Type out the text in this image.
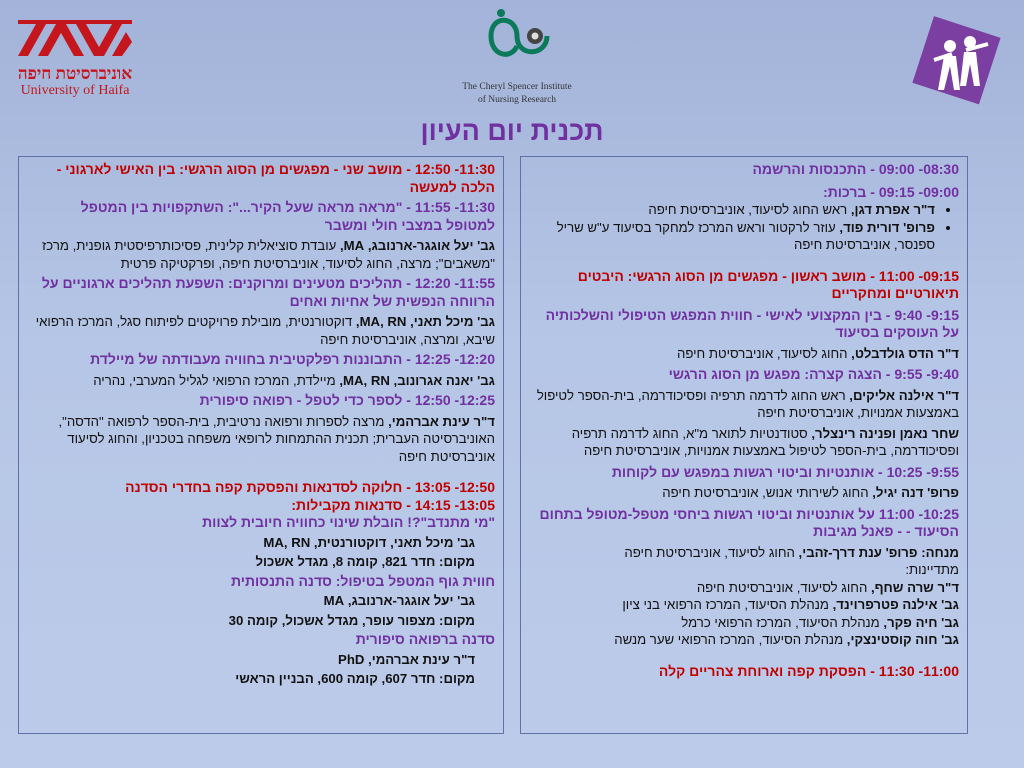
אוניברסיטת חיפה
University of Haifa	The Cheryl Spencer Institute
of Nursing Research
תכנית יום העיון
08:30- 09:00 - התכנסות והרשמה
09:00- 09:15 - ברכות:
• ד"ר אפרת דגן, ראש החוג לסיעוד, אוניברסיטת חיפה
• פרופ' דורית פוד, עוזר לרקטור וראש המרכז למחקר בסיעוד ע"ש שריל ספנסר, אוניברסיטת חיפה
09:15- 11:00 - מושב ראשון - מפגשים מן הסוג הרגשי: היבטים תיאורטיים ומחקריים
9:15- 9:40 - בין המקצועי לאישי - חווית המפגש הטיפולי והשלכותיה על העוסקים בסיעוד
ד"ר הדס גולדבלט, החוג לסיעוד, אוניברסיטת חיפה
9:40- 9:55 - הצגה קצרה: מפגש מן הסוג הרגשי
ד"ר אילנה אליקים, ראש החוג לדרמה תרפיה ופסיכודרמה, בית-הספר לטיפול באמצעות אמנויות, אוניברסיטת חיפה
שחר נאמן ופנינה רינצלר, סטודנטיות לתואר מ"א, החוג לדרמה תרפיה ופסיכודרמה, בית-הספר לטיפול באמצעות אמנויות, אוניברסיטת חיפה
9:55- 10:25 - אותנטיות וביטוי רגשות במפגש עם לקוחות
פרופ' דנה יגיל, החוג לשירותי אנוש, אוניברסיטת חיפה
10:25- 11:00 על אותנטיות וביטוי רגשות ביחסי מטפל-מטופל בתחום הסיעוד - - פאנל מגיבות
מנחה: פרופ' ענת דרך-זהבי, החוג לסיעוד, אוניברסיטת חיפה
מתדיינות:
ד"ר שרה שחף, החוג לסיעוד, אוניברסיטת חיפה
גב' אילנה פטרפרוינד, מנהלת הסיעוד, המרכז הרפואי בני ציון
גב' חיה פקר, מנהלת הסיעוד, המרכז הרפואי כרמל
גב' חוה קוסטינצקי, מנהלת הסיעוד, המרכז הרפואי שער מנשה
11:00- 11:30 - הפסקת קפה וארוחת צהריים קלה
11:30- 12:50 - מושב שני - מפגשים מן הסוג הרגשי: בין האישי לארגוני - הלכה למעשה
11:30- 11:55 - "מראה מראה שעל הקיר...": השתקפויות בין המטפל למטופל במצבי חולי ומשבר
גב' יעל אוגגר-ארנובג, MA, עובדת סוציאלית קלינית, פסיכותרפיסטית גופנית, מרכז "משאבים"; מרצה, החוג לסיעוד, אוניברסיטת חיפה, ופרקטיקה פרטית
11:55- 12:20 - תהליכים מטעינים ומרוקנים: השפעת תהליכים ארגוניים על הרווחה הנפשית של אחיות ואחים
גב' מיכל תאני, MA, RN, דוקטורנטית, מובילת פרויקטים לפיתוח סגל, המרכז הרפואי שיבא, ומרצה, אוניברסיטת חיפה
12:20- 12:25 - התבוננות רפלקטיבית בחוויה מעבודתה של מיילדת
גב' יאנה אגרונוב, MA, RN, מיילדת, המרכז הרפואי לגליל המערבי, נהריה
12:25- 12:50 - לספר כדי לטפל - רפואה סיפורית
ד"ר עינת אברהמי, מרצה לספרות ורפואה נרטיבית, בית-הספר לרפואה "הדסה", האוניברסיטה העברית; תכנית ההתמחות לרופאי משפחה בטכניון, והחוג לסיעוד אוניברסיטת חיפה
12:50- 13:05 - חלוקה לסדנאות והפסקת קפה בחדרי הסדנה
13:05- 14:15 - סדנאות מקבילות:
"מי מתנדב"?! הובלת שינוי כחוויה חיובית לצוות
גב' מיכל תאני, דוקטורנטית, MA, RN
מקום: חדר 821, קומה 8, מגדל אשכול
חווית גוף המטפל בטיפול: סדנה התנסותית
גב' יעל אוגגר-ארנובג, MA
מקום: מצפור עופר, מגדל אשכול, קומה 30
סדנה ברפואה סיפורית
ד"ר עינת אברהמי, PhD
מקום: חדר 607, קומה 600, הבניין הראשי
